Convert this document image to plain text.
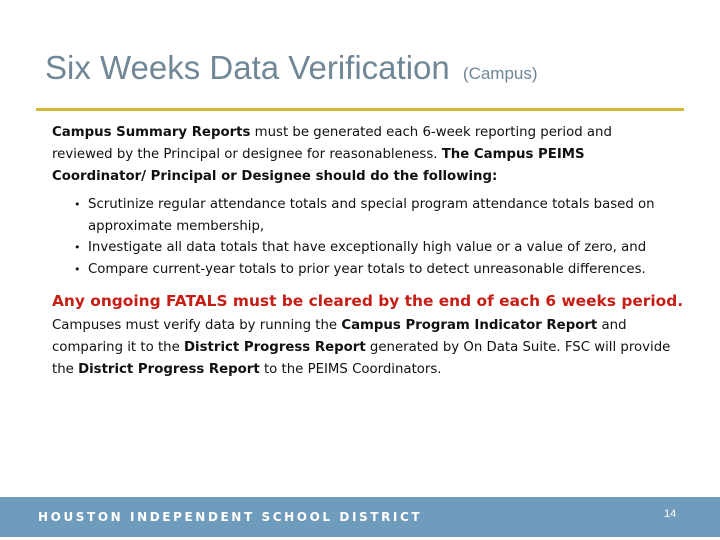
Six Weeks Data Verification (Campus)

Campus Summary Reports must be generated each 6-week reporting period and reviewed by the Principal or designee for reasonableness. The Campus PEIMS Coordinator/ Principal or Designee should do the following:

• Scrutinize regular attendance totals and special program attendance totals based on approximate membership,
• Investigate all data totals that have exceptionally high value or a value of zero, and
• Compare current-year totals to prior year totals to detect unreasonable differences.
Any ongoing FATALS must be cleared by the end of each 6 weeks period.

Campuses must verify data by running the Campus Program Indicator Report and comparing it to the District Progress Report generated by On Data Suite. FSC will provide the District Progress Report to the PEIMS Coordinators.

HOUSTON INDEPENDENT SCHOOL DISTRICT	14
